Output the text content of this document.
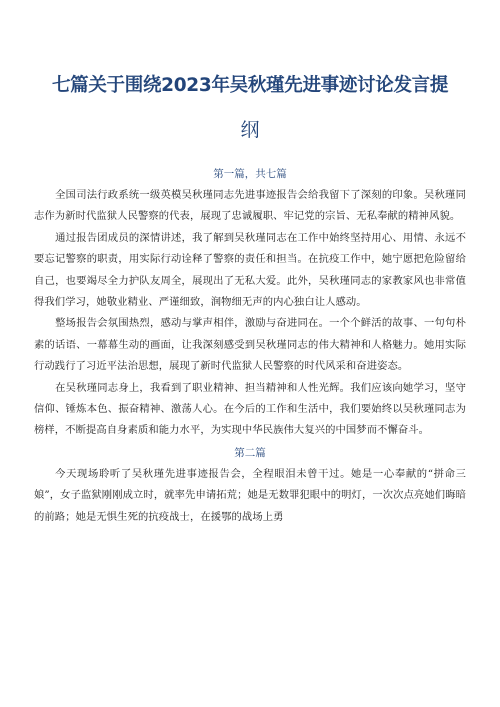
七篇关于围绕2023年吴秋瑾先进事迹讨论发言提
纲
第一篇，共七篇

全国司法行政系统一级英模吴秋瑾同志先进事迹报告会给我留下了深刻的印象。吴秋瑾同志作为新时代监狱人民警察的代表，展现了忠诚履职、牢记党的宗旨、无私奉献的精神风貌。

通过报告团成员的深情讲述，我了解到吴秋瑾同志在工作中始终坚持用心、用情、永远不要忘记警察的职责，用实际行动诠释了警察的责任和担当。在抗疫工作中，她宁愿把危险留给自己，也要竭尽全力护队友周全，展现出了无私大爱。此外，吴秋瑾同志的家教家风也非常值得我们学习，她敬业精业、严谨细致，润物细无声的内心独白让人感动。

整场报告会氛围热烈，感动与掌声相伴，激励与奋进同在。一个个鲜活的故事、一句句朴素的话语、一幕幕生动的画面，让我深刻感受到吴秋瑾同志的伟大精神和人格魅力。她用实际行动践行了习近平法治思想，展现了新时代监狱人民警察的时代风采和奋进姿态。

在吴秋瑾同志身上，我看到了职业精神、担当精神和人性光辉。我们应该向她学习，坚守信仰、锤炼本色、振奋精神、激荡人心。在今后的工作和生活中，我们要始终以吴秋瑾同志为榜样，不断提高自身素质和能力水平，为实现中华民族伟大复兴的中国梦而不懈奋斗。

第二篇

今天现场聆听了吴秋瑾先进事迹报告会，全程眼泪未曾干过。她是一心奉献的“拼命三娘”，女子监狱刚刚成立时，就率先申请拓荒；她是无数罪犯眼中的明灯，一次次点亮她们晦暗的前路；她是无惧生死的抗疫战士，在援鄂的战场上勇
